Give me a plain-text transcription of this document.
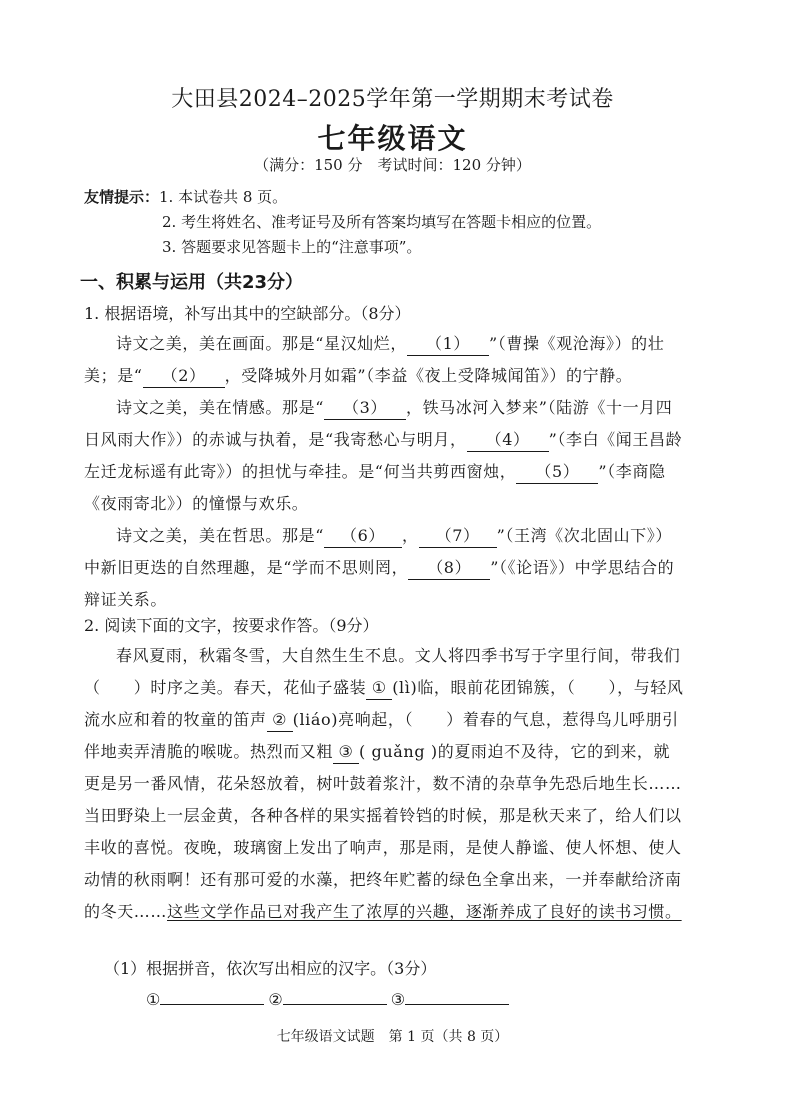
大田县2024–2025学年第一学期期末考试卷
七年级语文
（满分：150 分　考试时间：120 分钟）
友情提示：1. 本试卷共 8 页。
2. 考生将姓名、准考证号及所有答案均填写在答题卡相应的位置。
3. 答题要求见答题卡上的“注意事项”。
一、积累与运用（共23分）
1. 根据语境，补写出其中的空缺部分。（8分）

诗文之美，美在画面。那是“星汉灿烂， （1） ”（曹操《观沧海》）的壮美；是“ （2） ，受降城外月如霜”（李益《夜上受降城闻笛》）的宁静。

诗文之美，美在情感。那是“ （3） ，铁马冰河入梦来”（陆游《十一月四日风雨大作》）的赤诚与执着，是“我寄愁心与明月， （4） ”（李白《闻王昌龄左迁龙标遥有此寄》）的担忧与牵挂。是“何当共剪西窗烛， （5） ”（李商隐《夜雨寄北》）的憧憬与欢乐。

诗文之美，美在哲思。那是“ （6） ， （7） ”（王湾《次北固山下》）中新旧更迭的自然理趣，是“学而不思则罔， （8） ”（《论语》）中学思结合的辩证关系。

2. 阅读下面的文字，按要求作答。（9分）

春风夏雨，秋霜冬雪，大自然生生不息。文人将四季书写于字里行间，带我们（　　）时序之美。春天，花仙子盛装 ① (lì)临，眼前花团锦簇，（　　），与轻风流水应和着的牧童的笛声 ② (liáo)亮响起，（　　）着春的气息，惹得鸟儿呼朋引伴地卖弄清脆的喉咙。热烈而又粗 ③ ( guǎng )的夏雨迫不及待，它的到来，就更是另一番风情，花朵怒放着，树叶鼓着浆汁，数不清的杂草争先恐后地生长……当田野染上一层金黄，各种各样的果实摇着铃铛的时候，那是秋天来了，给人们以丰收的喜悦。夜晚，玻璃窗上发出了响声，那是雨，是使人静谧、使人怀想、使人动情的秋雨啊！还有那可爱的水藻，把终年贮蓄的绿色全拿出来，一并奉献给济南的冬天……这些文学作品已对我产生了浓厚的兴趣，逐渐养成了良好的读书习惯。

（1）根据拼音，依次写出相应的汉字。（3分）
①	②	③
七年级语文试题　第 1 页（共 8 页）
